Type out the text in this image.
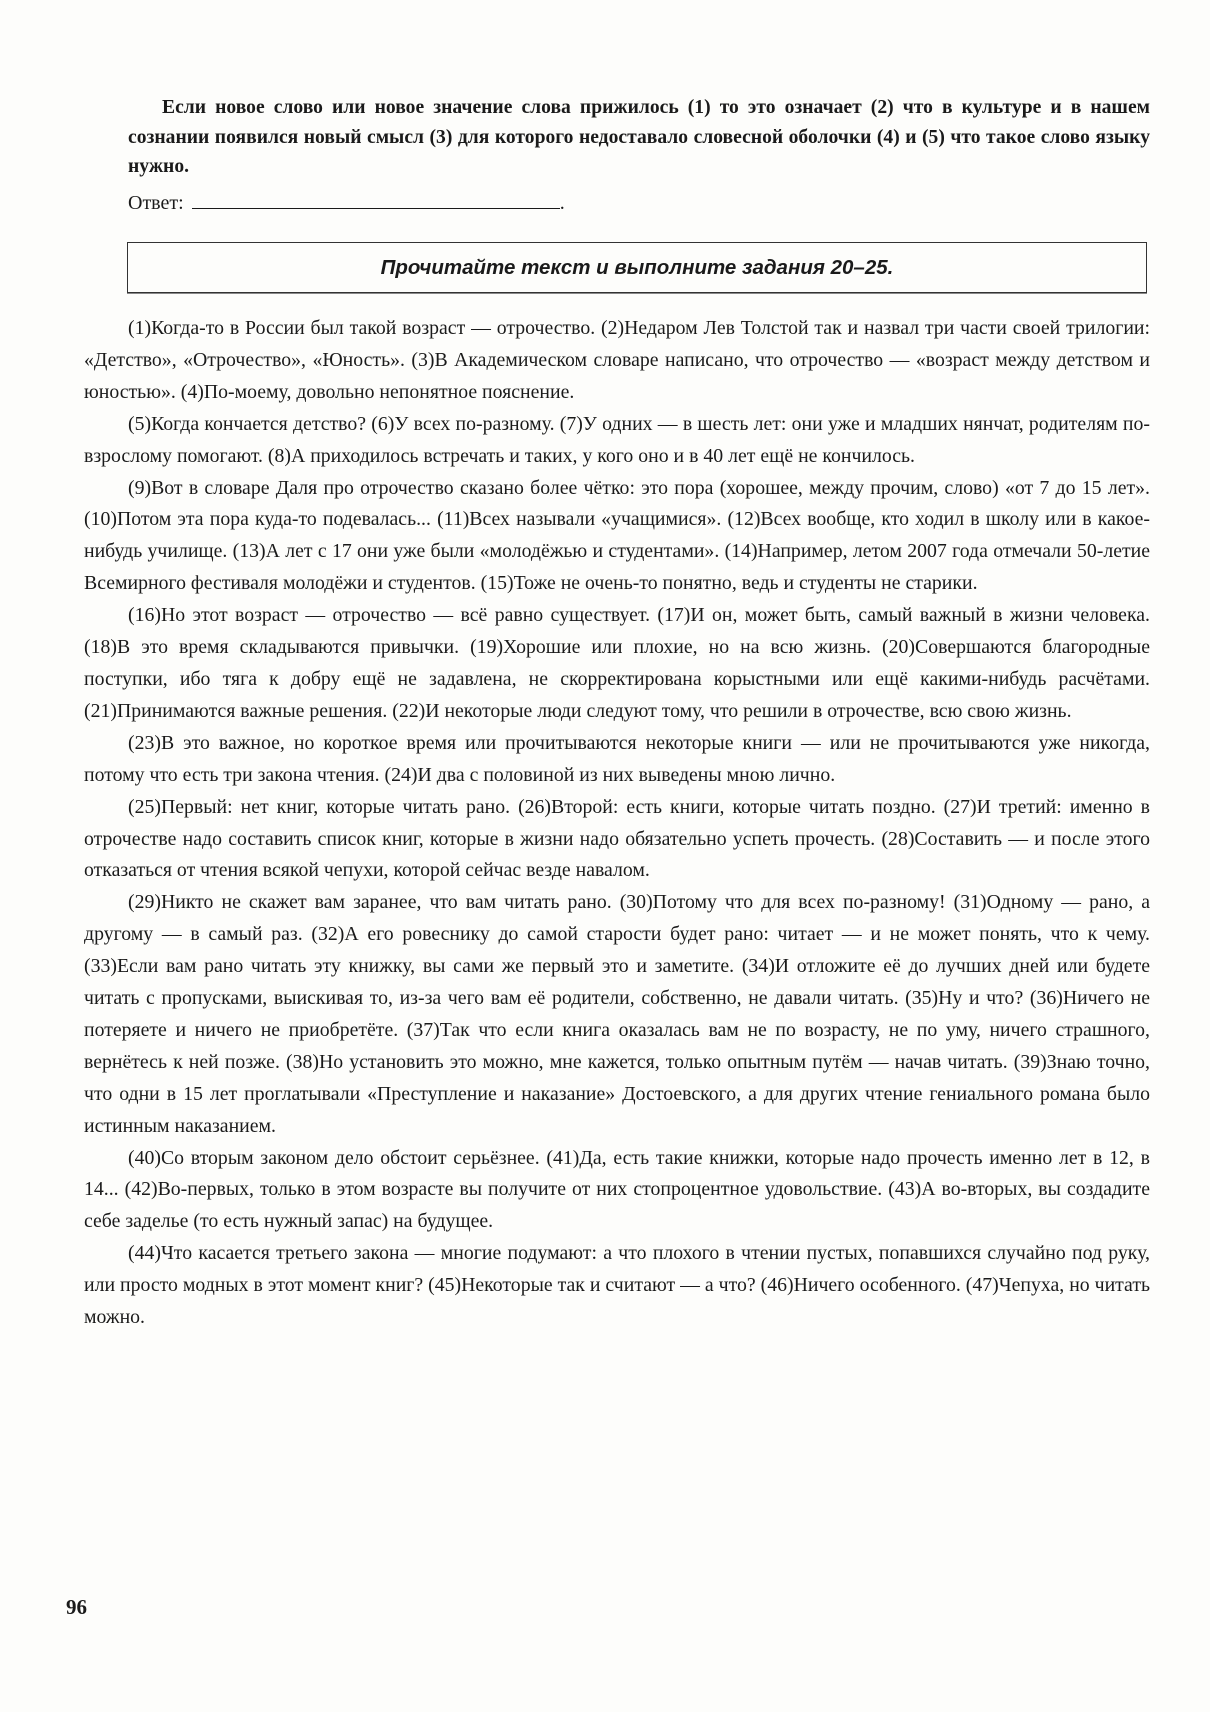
Если новое слово или новое значение слова прижилось (1) то это означает (2) что в культуре и в нашем сознании появился новый смысл (3) для которого недоставало словесной оболочки (4) и (5) что такое слово языку нужно.

Ответ:	.
Прочитайте текст и выполните задания 20–25.

(1)Когда-то в России был такой возраст — отрочество. (2)Недаром Лев Толстой так и назвал три части своей трилогии: «Детство», «Отрочество», «Юность». (3)В Академическом словаре написано, что отрочество — «возраст между детством и юностью». (4)По-моему, довольно непонятное пояснение.

(5)Когда кончается детство? (6)У всех по-разному. (7)У одних — в шесть лет: они уже и младших нянчат, родителям по-взрослому помогают. (8)А приходилось встречать и таких, у кого оно и в 40 лет ещё не кончилось.

(9)Вот в словаре Даля про отрочество сказано более чётко: это пора (хорошее, между прочим, слово) «от 7 до 15 лет». (10)Потом эта пора куда-то подевалась... (11)Всех называли «учащимися». (12)Всех вообще, кто ходил в школу или в какое-нибудь училище. (13)А лет с 17 они уже были «молодёжью и студентами». (14)Например, летом 2007 года отмечали 50-летие Всемирного фестиваля молодёжи и студентов. (15)Тоже не очень-то понятно, ведь и студенты не старики.

(16)Но этот возраст — отрочество — всё равно существует. (17)И он, может быть, самый важный в жизни человека. (18)В это время складываются привычки. (19)Хорошие или плохие, но на всю жизнь. (20)Совершаются благородные поступки, ибо тяга к добру ещё не задавлена, не скорректирована корыстными или ещё какими-нибудь расчётами. (21)Принимаются важные решения. (22)И некоторые люди следуют тому, что решили в отрочестве, всю свою жизнь.

(23)В это важное, но короткое время или прочитываются некоторые книги — или не прочитываются уже никогда, потому что есть три закона чтения. (24)И два с половиной из них выведены мною лично.

(25)Первый: нет книг, которые читать рано. (26)Второй: есть книги, которые читать поздно. (27)И третий: именно в отрочестве надо составить список книг, которые в жизни надо обязательно успеть прочесть. (28)Составить — и после этого отказаться от чтения всякой чепухи, которой сейчас везде навалом.

(29)Никто не скажет вам заранее, что вам читать рано. (30)Потому что для всех по-разному! (31)Одному — рано, а другому — в самый раз. (32)А его ровеснику до самой старости будет рано: читает — и не может понять, что к чему. (33)Если вам рано читать эту книжку, вы сами же первый это и заметите. (34)И отложите её до лучших дней или будете читать с пропусками, выискивая то, из-за чего вам её родители, собственно, не давали читать. (35)Ну и что? (36)Ничего не потеряете и ничего не приобретёте. (37)Так что если книга оказалась вам не по возрасту, не по уму, ничего страшного, вернётесь к ней позже. (38)Но установить это можно, мне кажется, только опытным путём — начав читать. (39)Знаю точно, что одни в 15 лет проглатывали «Преступление и наказание» Достоевского, а для других чтение гениального романа было истинным наказанием.

(40)Со вторым законом дело обстоит серьёзнее. (41)Да, есть такие книжки, которые надо прочесть именно лет в 12, в 14... (42)Во-первых, только в этом возрасте вы получите от них стопроцентное удовольствие. (43)А во-вторых, вы создадите себе заделье (то есть нужный запас) на будущее.

(44)Что касается третьего закона — многие подумают: а что плохого в чтении пустых, попавшихся случайно под руку, или просто модных в этот момент книг? (45)Некоторые так и считают — а что? (46)Ничего особенного. (47)Чепуха, но читать можно.

96
